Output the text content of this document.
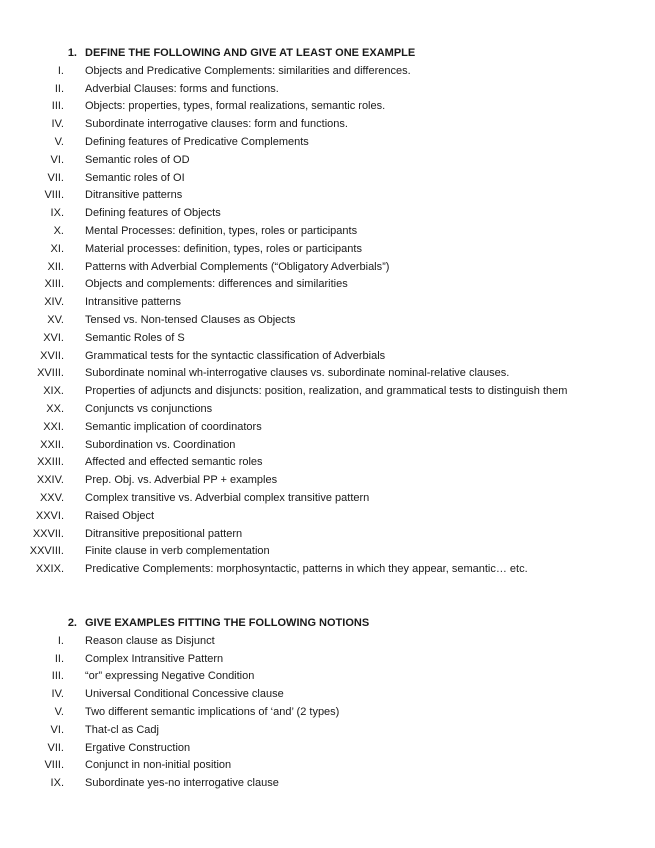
1. DEFINE THE FOLLOWING AND GIVE AT LEAST ONE EXAMPLE
I. Objects and Predicative Complements: similarities and differences.
II. Adverbial Clauses: forms and functions.
III. Objects: properties, types, formal realizations, semantic roles.
IV. Subordinate interrogative clauses: form and functions.
V. Defining features of Predicative Complements
VI. Semantic roles of OD
VII. Semantic roles of OI
VIII. Ditransitive patterns
IX. Defining features of Objects
X. Mental Processes: definition, types, roles or participants
XI. Material processes: definition, types, roles or participants
XII. Patterns with Adverbial Complements (“Obligatory Adverbials”)
XIII. Objects and complements: differences and similarities
XIV. Intransitive patterns
XV. Tensed vs. Non-tensed Clauses as Objects
XVI. Semantic Roles of S
XVII. Grammatical tests for the syntactic classification of Adverbials
XVIII. Subordinate nominal wh-interrogative clauses vs. subordinate nominal-relative clauses.
XIX. Properties of adjuncts and disjuncts: position, realization, and grammatical tests to distinguish them
XX. Conjuncts vs conjunctions
XXI. Semantic implication of coordinators
XXII. Subordination vs. Coordination
XXIII. Affected and effected semantic roles
XXIV. Prep. Obj. vs. Adverbial PP + examples
XXV. Complex transitive vs. Adverbial complex transitive pattern
XXVI. Raised Object
XXVII. Ditransitive prepositional pattern
XXVIII. Finite clause in verb complementation
XXIX. Predicative Complements: morphosyntactic, patterns in which they appear, semantic… etc.
2. GIVE EXAMPLES FITTING THE FOLLOWING NOTIONS
I. Reason clause as Disjunct
II. Complex Intransitive Pattern
III. “or” expressing Negative Condition
IV. Universal Conditional Concessive clause
V. Two different semantic implications of ‘and’ (2 types)
VI. That-cl as Cadj
VII. Ergative Construction
VIII. Conjunct in non-initial position
IX. Subordinate yes-no interrogative clause
